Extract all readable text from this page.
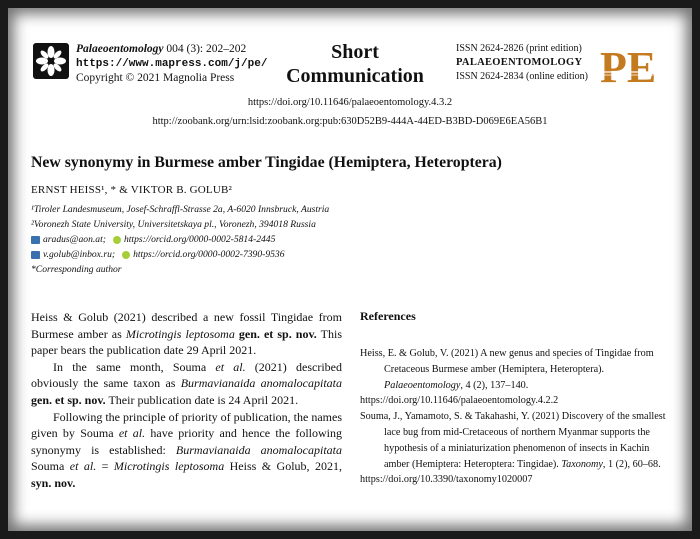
Palaeoentomology 004 (3): 202–202
https://www.mapress.com/j/pe/
Copyright © 2021 Magnolia Press
Short
Communication
ISSN 2624-2826 (print edition)
PALAEOENTOMOLOGY
ISSN 2624-2834 (online edition) PE
https://doi.org/10.11646/palaeoentomology.4.3.2
http://zoobank.org/urn:lsid:zoobank.org:pub:630D52B9-444A-44ED-B3BD-D069E6EA56B1
New synonymy in Burmese amber Tingidae (Hemiptera, Heteroptera)
ERNST HEISS¹, * & VIKTOR B. GOLUB²
¹Tiroler Landesmuseum, Josef-Schraffl-Strasse 2a, A-6020 Innsbruck, Austria
²Voronezh State University, Universitetskaya pl., Voronezh, 394018 Russia
aradus@aon.at; https://orcid.org/0000-0002-5814-2445
v.golub@inbox.ru; https://orcid.org/0000-0002-7390-9536
*Corresponding author

Heiss & Golub (2021) described a new fossil Tingidae from Burmese amber as Microtingis leptosoma gen. et sp. nov. This paper bears the publication date 29 April 2021.

In the same month, Souma et al. (2021) described obviously the same taxon as Burmavianaida anomalocapitata gen. et sp. nov. Their publication date is 24 April 2021.

Following the principle of priority of publication, the names given by Souma et al. have priority and hence the following synonymy is established: Burmavianaida anomalocapitata Souma et al. = Microtingis leptosoma Heiss & Golub, 2021, syn. nov.

References
Heiss, E. & Golub, V. (2021) A new genus and species of Tingidae from Cretaceous Burmese amber (Hemiptera, Heteroptera). Palaeoentomology, 4 (2), 137–140.
https://doi.org/10.11646/palaeoentomology.4.2.2
Souma, J., Yamamoto, S. & Takahashi, Y. (2021) Discovery of the smallest lace bug from mid-Cretaceous of northern Myanmar supports the hypothesis of a miniaturization phenomenon of insects in Kachin amber (Hemiptera: Heteroptera: Tingidae). Taxonomy, 1 (2), 60–68.
https://doi.org/10.3390/taxonomy1020007
